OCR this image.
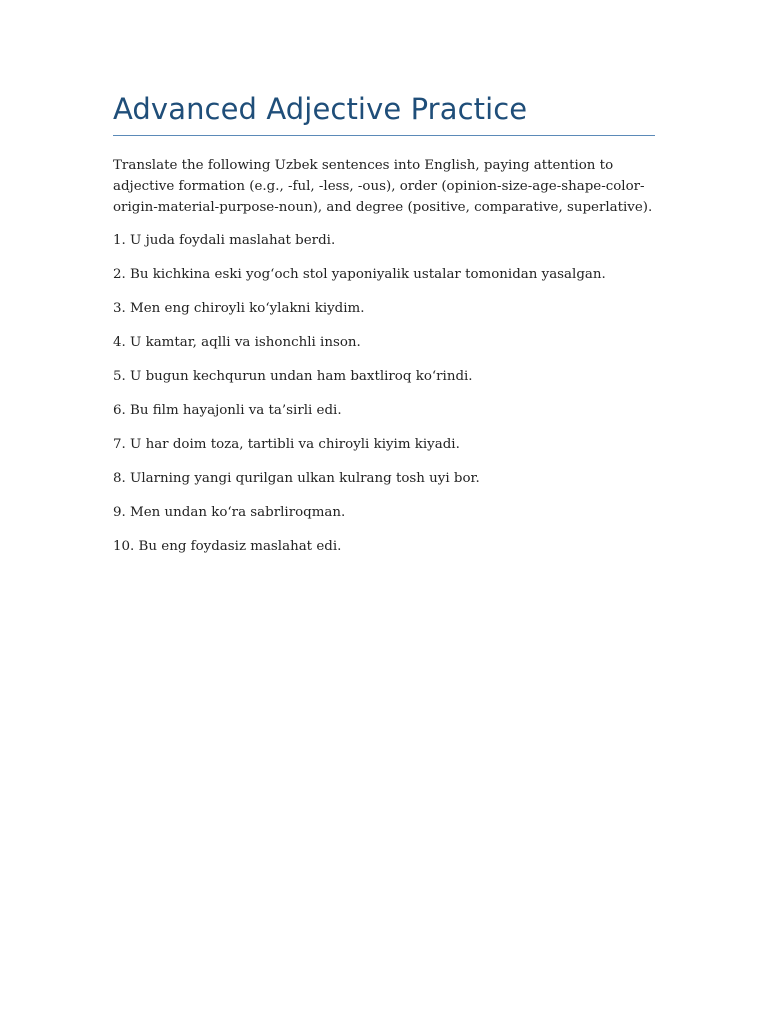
Advanced Adjective Practice

Translate the following Uzbek sentences into English, paying attention to adjective formation (e.g., -ful, -less, -ous), order (opinion-size-age-shape-color-origin-material-purpose-noun), and degree (positive, comparative, superlative).

1. U juda foydali maslahat berdi.
2. Bu kichkina eski yog‘och stol yaponiyalik ustalar tomonidan yasalgan.
3. Men eng chiroyli ko‘ylakni kiydim.
4. U kamtar, aqlli va ishonchli inson.
5. U bugun kechqurun undan ham baxtliroq ko‘rindi.
6. Bu film hayajonli va ta’sirli edi.
7. U har doim toza, tartibli va chiroyli kiyim kiyadi.
8. Ularning yangi qurilgan ulkan kulrang tosh uyi bor.
9. Men undan ko‘ra sabrliroqman.
10. Bu eng foydasiz maslahat edi.
